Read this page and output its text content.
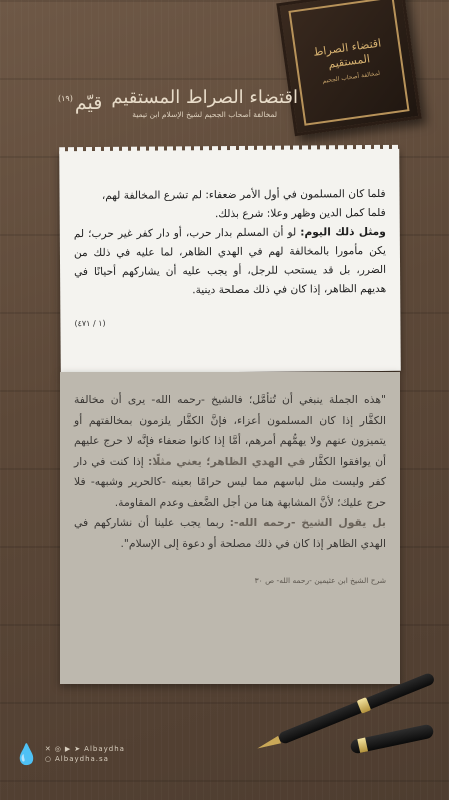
اقتضاء الصراط المستقيم
لمخالفة أصحاب الجحيم
اقتضاء الصراط المستقيم
لمخالفة أصحاب الجحيم لشيخ الإسلام ابن تيمية
قيّم
(١٩)

فلما كان المسلمون في أول الأمر ضعفاء: لم تشرع المخالفة لهم،
فلما كمل الدين وظهر وعلا: شرع بذلك.
ومثل ذلك اليوم: لو أن المسلم بدار حرب، أو دار كفر غير حرب؛ لم يكن مأمورا بالمخالفة لهم في الهدي الظاهر، لما عليه في ذلك من الضرر، بل قد يستحب للرجل، أو يجب عليه أن يشاركهم أحيانًا في هديهم الظاهر، إذا كان في ذلك مصلحة دينية.

(١ / ٤٧١)

"هذه الجملة ينبغي أن تُتأمَّل؛ فالشيخ -رحمه الله- يرى أن مخالفة الكفَّار إذا كان المسلمون أعزاء، فإنَّ الكفَّار يلزمون بمخالفتهم أو يتميزون عنهم ولا يهمُّهم أمرهم، أمَّا إذا كانوا ضعفاء فإنَّه لا حرج عليهم أن يوافقوا الكفَّار في الهدي الظاهر؛ يعني مثلًا: إذا كنت في دار كفر وليست مثل لباسهم مما ليس حرامًا بعينه -كالحرير وشبهه- فلا حرج عليك؛ لأنَّ المشابهة هنا من أجل الضَّعف وعدم المقاومة.
بل يقول الشيخ -رحمه الله-: ربما يجب علينا أن نشاركهم في الهدي الظاهر إذا كان في ذلك مصلحة أو دعوة إلى الإسلام".

شرح الشيخ ابن عثيمين -رحمه الله- ص ٣٠
💧 ✕ ◎ ▶ ➤ Albaydha
○ Albaydha.sa
